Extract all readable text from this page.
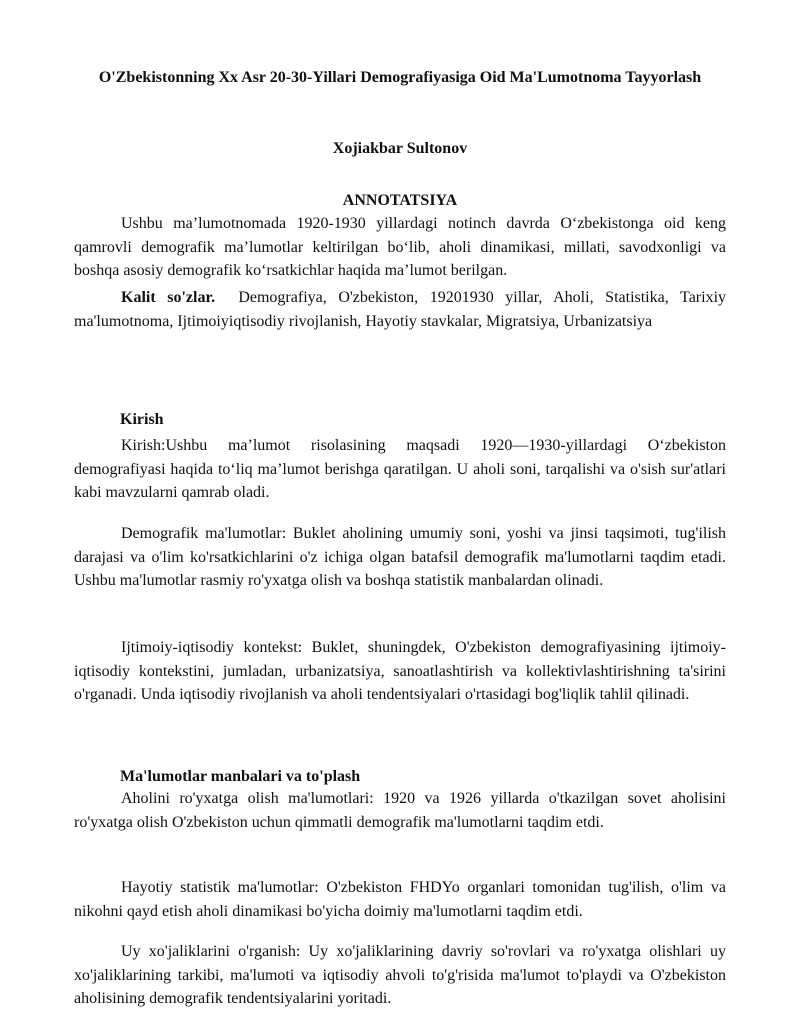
O'Zbekistonning Xx Asr 20-30-Yillari Demografiyasiga Oid Ma'Lumotnoma Tayyorlash
Xojiakbar Sultonov
ANNOTATSIYA

Ushbu ma’lumotnomada 1920-1930 yillardagi notinch davrda O‘zbekistonga oid keng qamrovli demografik ma’lumotlar keltirilgan bo‘lib, aholi dinamikasi, millati, savodxonligi va boshqa asosiy demografik ko‘rsatkichlar haqida ma’lumot berilgan.

Kalit so'zlar. Demografiya, O'zbekiston, 19201930 yillar, Aholi, Statistika, Tarixiy ma'lumotnoma, Ijtimoiyiqtisodiy rivojlanish, Hayotiy stavkalar, Migratsiya, Urbanizatsiya

Kirish

Kirish:Ushbu ma’lumot risolasining maqsadi 1920—1930-yillardagi O‘zbekiston demografiyasi haqida to‘liq ma’lumot berishga qaratilgan. U aholi soni, tarqalishi va o'sish sur'atlari kabi mavzularni qamrab oladi.

Demografik ma'lumotlar: Buklet aholining umumiy soni, yoshi va jinsi taqsimoti, tug'ilish darajasi va o'lim ko'rsatkichlarini o'z ichiga olgan batafsil demografik ma'lumotlarni taqdim etadi. Ushbu ma'lumotlar rasmiy ro'yxatga olish va boshqa statistik manbalardan olinadi.

Ijtimoiy-iqtisodiy kontekst: Buklet, shuningdek, O'zbekiston demografiyasining ijtimoiy-iqtisodiy kontekstini, jumladan, urbanizatsiya, sanoatlashtirish va kollektivlashtirishning ta'sirini o'rganadi. Unda iqtisodiy rivojlanish va aholi tendentsiyalari o'rtasidagi bog'liqlik tahlil qilinadi.

Ma'lumotlar manbalari va to'plash

Aholini ro'yxatga olish ma'lumotlari: 1920 va 1926 yillarda o'tkazilgan sovet aholisini ro'yxatga olish O'zbekiston uchun qimmatli demografik ma'lumotlarni taqdim etdi.

Hayotiy statistik ma'lumotlar: O'zbekiston FHDYo organlari tomonidan tug'ilish, o'lim va nikohni qayd etish aholi dinamikasi bo'yicha doimiy ma'lumotlarni taqdim etdi.

Uy xo'jaliklarini o'rganish: Uy xo'jaliklarining davriy so'rovlari va ro'yxatga olishlari uy xo'jaliklarining tarkibi, ma'lumoti va iqtisodiy ahvoli to'g'risida ma'lumot to'playdi va O'zbekiston aholisining demografik tendentsiyalarini yoritadi.
